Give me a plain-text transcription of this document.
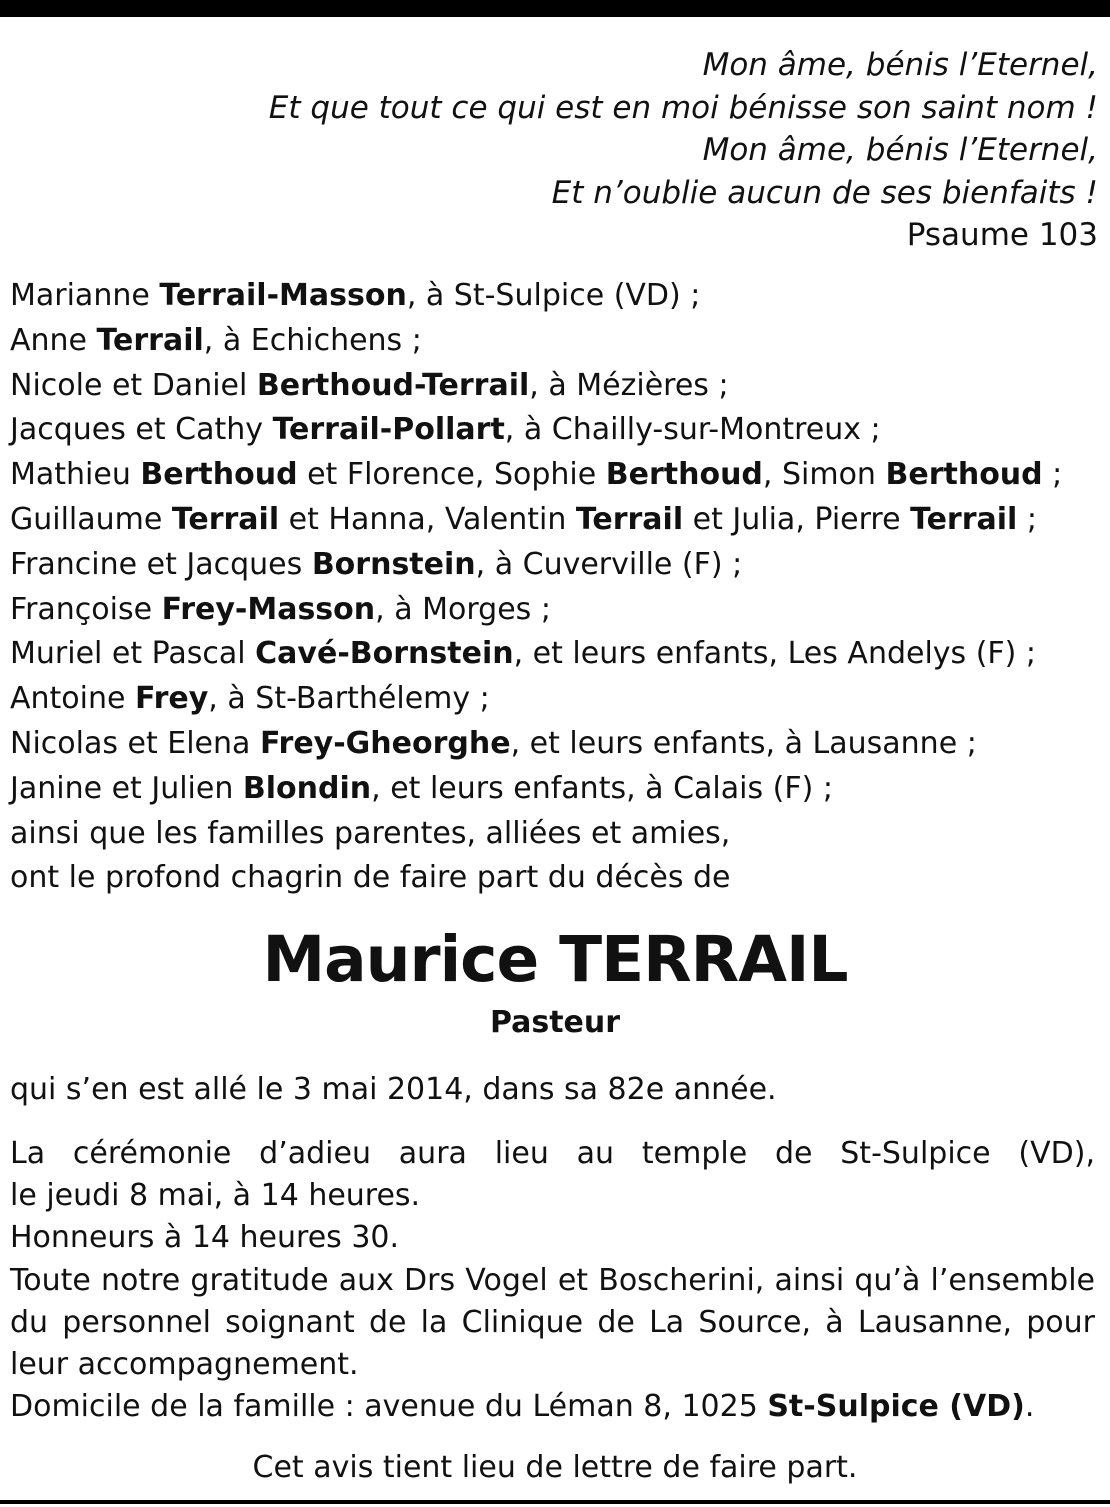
Mon âme, bénis l’Eternel,
Et que tout ce qui est en moi bénisse son saint nom !
Mon âme, bénis l’Eternel,
Et n’oublie aucun de ses bienfaits !
Psaume 103
Marianne Terrail-Masson, à St-Sulpice (VD) ;
Anne Terrail, à Echichens ;
Nicole et Daniel Berthoud-Terrail, à Mézières ;
Jacques et Cathy Terrail-Pollart, à Chailly-sur-Montreux ;
Mathieu Berthoud et Florence, Sophie Berthoud, Simon Berthoud ;
Guillaume Terrail et Hanna, Valentin Terrail et Julia, Pierre Terrail ;
Francine et Jacques Bornstein, à Cuverville (F) ;
Françoise Frey-Masson, à Morges ;
Muriel et Pascal Cavé-Bornstein, et leurs enfants, Les Andelys (F) ;
Antoine Frey, à St-Barthélemy ;
Nicolas et Elena Frey-Gheorghe, et leurs enfants, à Lausanne ;
Janine et Julien Blondin, et leurs enfants, à Calais (F) ;
ainsi que les familles parentes, alliées et amies,
ont le profond chagrin de faire part du décès de
Maurice TERRAIL
Pasteur
qui s’en est allé le 3 mai 2014, dans sa 82e année.

La cérémonie d’adieu aura lieu au temple de St-Sulpice (VD),

le jeudi 8 mai, à 14 heures.

Honneurs à 14 heures 30.

Toute notre gratitude aux Drs Vogel et Boscherini, ainsi qu’à l’ensemble du personnel soignant de la Clinique de La Source, à Lausanne, pour leur accompagnement.

Domicile de la famille : avenue du Léman 8, 1025 St-Sulpice (VD).

Cet avis tient lieu de lettre de faire part.
